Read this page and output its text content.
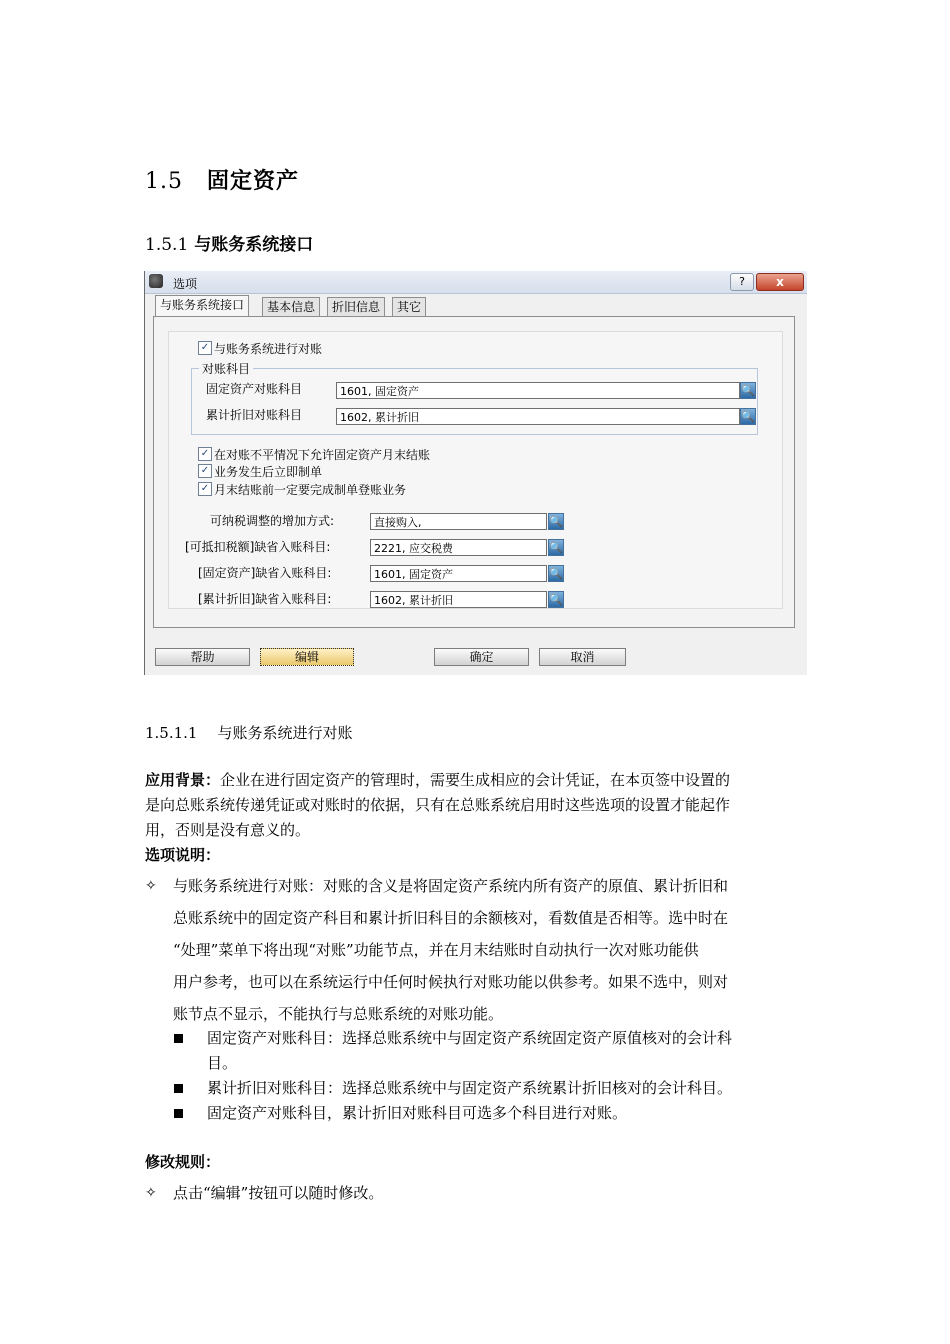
1.5 固定资产
1.5.1 与账务系统接口
选项	?	x
与账务系统接口	基本信息	折旧信息	其它
✓ 与账务系统进行对账
对账科目
固定资产对账科目	1601, 固定资产	🔍
累计折旧对账科目	1602, 累计折旧	🔍
✓ 在对账不平情况下允许固定资产月末结账
✓ 业务发生后立即制单
✓ 月末结账前一定要完成制单登账业务
可纳税调整的增加方式:	直接购入,	🔍
[可抵扣税额]缺省入账科目:	2221, 应交税费	🔍
[固定资产]缺省入账科目:	1601, 固定资产	🔍
[累计折旧]缺省入账科目:	1602, 累计折旧	🔍
帮助	编辑	确定	取消
1.5.1.1 与账务系统进行对账
应用背景：企业在进行固定资产的管理时，需要生成相应的会计凭证，在本页签中设置的
是向总账系统传递凭证或对账时的依据，只有在总账系统启用时这些选项的设置才能起作
用，否则是没有意义的。
选项说明：
✧ 与账务系统进行对账：对账的含义是将固定资产系统内所有资产的原值、累计折旧和
总账系统中的固定资产科目和累计折旧科目的余额核对，看数值是否相等。选中时在
“处理”菜单下将出现“对账”功能节点，并在月末结账时自动执行一次对账功能供
用户参考，也可以在系统运行中任何时候执行对账功能以供参考。如果不选中，则对
账节点不显示，不能执行与总账系统的对账功能。
固定资产对账科目：选择总账系统中与固定资产系统固定资产原值核对的会计科
目。
累计折旧对账科目：选择总账系统中与固定资产系统累计折旧核对的会计科目。
固定资产对账科目，累计折旧对账科目可选多个科目进行对账。
修改规则：
✧ 点击“编辑”按钮可以随时修改。
